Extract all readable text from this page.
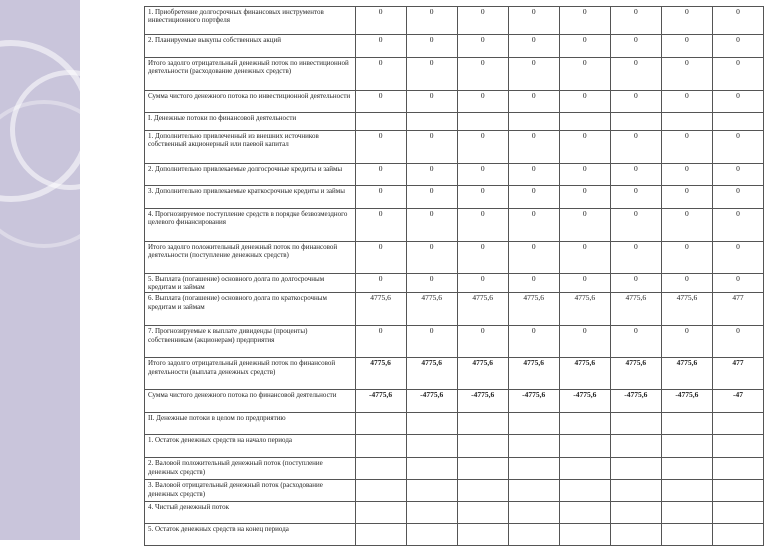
1. Приобретение долгосрочных финансовых инструментов инвестиционного портфеля	0	0	0	0	0	0	0	0

2. Планируемые выкупы собственных акций	0	0	0	0	0	0	0	0

Итого задолго отрицательный денежный поток по инвестиционной деятельности (расходование денежных средств)	0	0	0	0	0	0	0	0

Сумма чистого денежного потока по инвестиционной деятельности	0	0	0	0	0	0	0	0

I. Денежные потоки по финансовой деятельности								

1. Дополнительно привлеченный из внешних источников собственный акционерный или паевой капитал	0	0	0	0	0	0	0	0

2. Дополнительно привлекаемые долгосрочные кредиты и займы	0	0	0	0	0	0	0	0

3. Дополнительно привлекаемые краткосрочные кредиты и займы	0	0	0	0	0	0	0	0

4. Прогнозируемое поступление средств в порядке безвозмездного целевого финансирования	0	0	0	0	0	0	0	0

Итого задолго положительный денежный поток по финансовой деятельности (поступление денежных средств)	0	0	0	0	0	0	0	0

5. Выплата (погашение) основного долга по долгосрочным кредитам и займам	0	0	0	0	0	0	0	0

6. Выплата (погашение) основного долга по краткосрочным кредитам и займам	4775,6	4775,6	4775,6	4775,6	4775,6	4775,6	4775,6	477

7. Прогнозируемые к выплате дивиденды (проценты) собственникам (акционерам) предприятия	0	0	0	0	0	0	0	0

Итого задолго отрицательный денежный поток по финансовой деятельности (выплата денежных средств)	4775,6	4775,6	4775,6	4775,6	4775,6	4775,6	4775,6	477

Сумма чистого денежного потока по финансовой деятельности	-4775,6	-4775,6	-4775,6	-4775,6	-4775,6	-4775,6	-4775,6	-47

II. Денежные потоки в целом по предприятию								

1. Остаток денежных средств на начало периода								

2. Валовой положительный денежный поток (поступление денежных средств)								

3. Валовой отрицательный денежный поток (расходование денежных средств)								

4. Чистый денежный поток								

5. Остаток денежных средств на конец периода								
